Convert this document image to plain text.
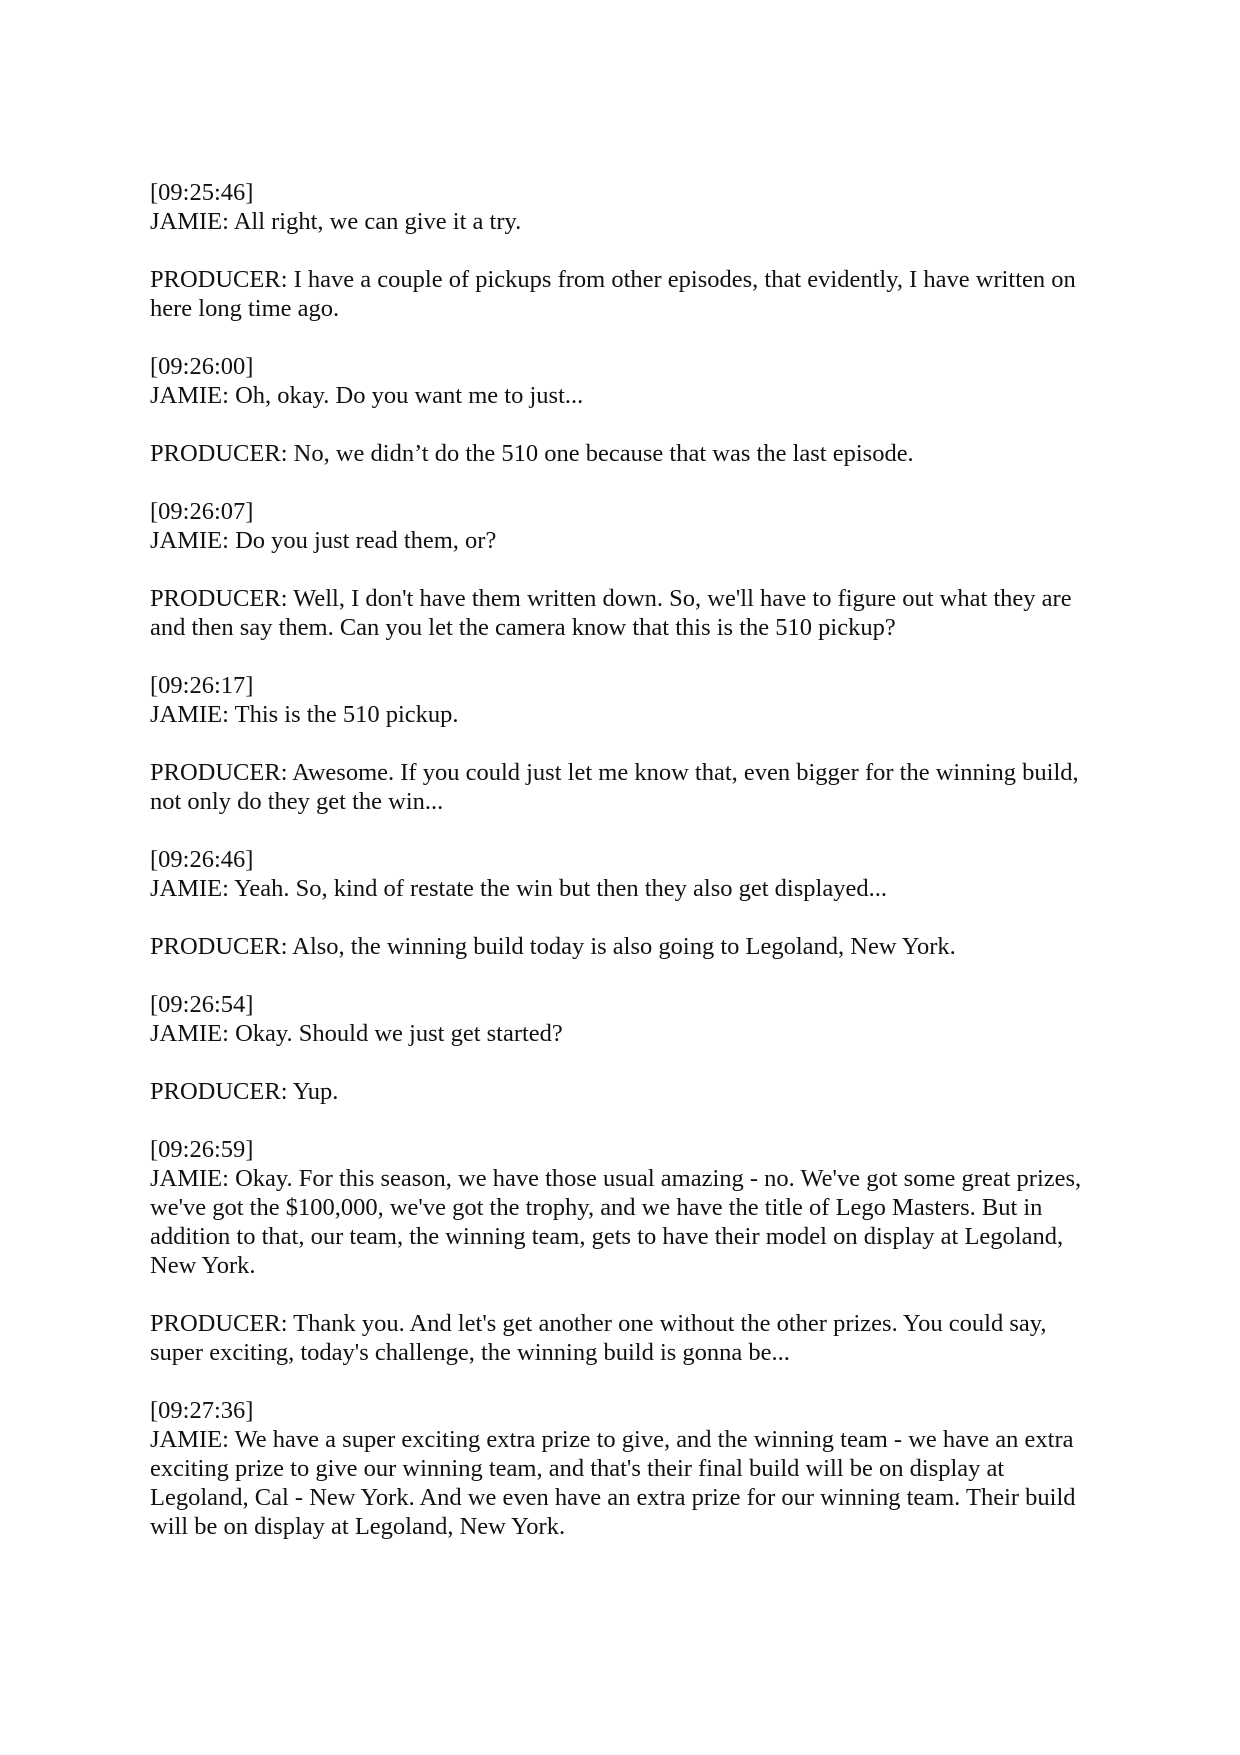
[09:25:46]

JAMIE: All right, we can give it a try.

PRODUCER: I have a couple of pickups from other episodes, that evidently, I have written on here long time ago.

[09:26:00]

JAMIE: Oh, okay. Do you want me to just...

PRODUCER: No, we didn’t do the 510 one because that was the last episode.

[09:26:07]

JAMIE: Do you just read them, or?

PRODUCER: Well, I don't have them written down. So, we'll have to figure out what they are and then say them. Can you let the camera know that this is the 510 pickup?

[09:26:17]

JAMIE: This is the 510 pickup.

PRODUCER: Awesome. If you could just let me know that, even bigger for the winning build, not only do they get the win...

[09:26:46]

JAMIE: Yeah. So, kind of restate the win but then they also get displayed...

PRODUCER: Also, the winning build today is also going to Legoland, New York.

[09:26:54]

JAMIE: Okay. Should we just get started?

PRODUCER: Yup.

[09:26:59]

JAMIE: Okay. For this season, we have those usual amazing - no. We've got some great prizes, we've got the $100,000, we've got the trophy, and we have the title of Lego Masters. But in addition to that, our team, the winning team, gets to have their model on display at Legoland, New York.

PRODUCER: Thank you. And let's get another one without the other prizes. You could say, super exciting, today's challenge, the winning build is gonna be...

[09:27:36]

JAMIE: We have a super exciting extra prize to give, and the winning team - we have an extra exciting prize to give our winning team, and that's their final build will be on display at Legoland, Cal - New York. And we even have an extra prize for our winning team. Their build will be on display at Legoland, New York.
